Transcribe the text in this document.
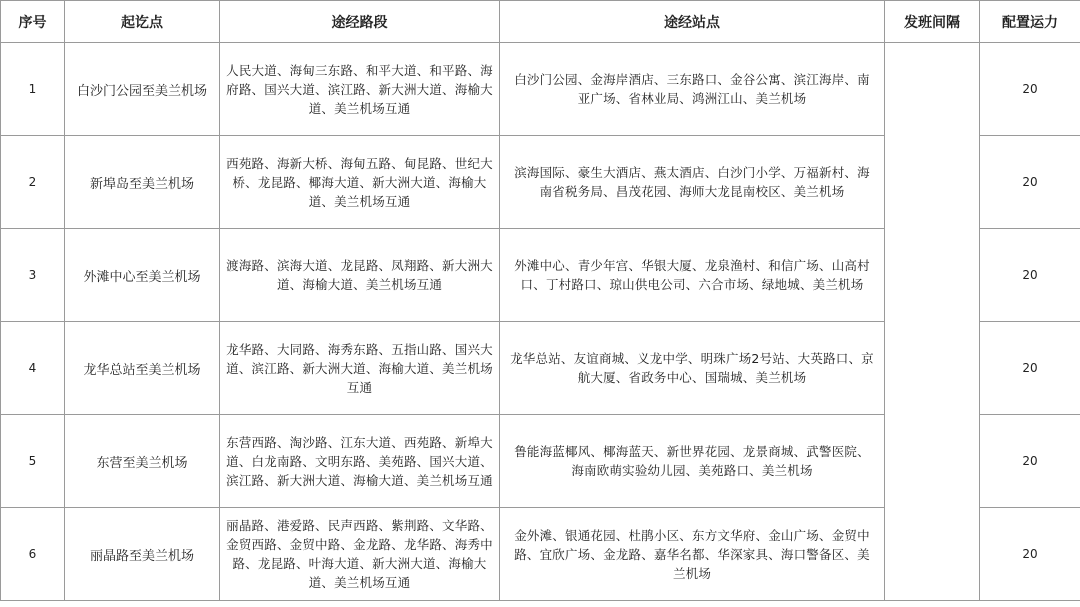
序号	起讫点	途经路段	途经站点	发班间隔	配置运力
1	白沙门公园至美兰机场	人民大道、海甸三东路、和平大道、和平路、海府路、国兴大道、滨江路、新大洲大道、海榆大道、美兰机场互通	白沙门公园、金海岸酒店、三东路口、金谷公寓、滨江海岸、南亚广场、省林业局、鸿洲江山、美兰机场		20
2	新埠岛至美兰机场	西苑路、海新大桥、海甸五路、甸昆路、世纪大桥、龙昆路、椰海大道、新大洲大道、海榆大道、美兰机场互通	滨海国际、豪生大酒店、燕太酒店、白沙门小学、万福新村、海南省税务局、昌茂花园、海师大龙昆南校区、美兰机场		20
3	外滩中心至美兰机场	渡海路、滨海大道、龙昆路、凤翔路、新大洲大道、海榆大道、美兰机场互通	外滩中心、青少年宫、华银大厦、龙泉渔村、和信广场、山高村口、丁村路口、琼山供电公司、六合市场、绿地城、美兰机场		20
4	龙华总站至美兰机场	龙华路、大同路、海秀东路、五指山路、国兴大道、滨江路、新大洲大道、海榆大道、美兰机场互通	龙华总站、友谊商城、义龙中学、明珠广场2号站、大英路口、京航大厦、省政务中心、国瑞城、美兰机场		20
5	东营至美兰机场	东营西路、淘沙路、江东大道、西苑路、新埠大道、白龙南路、文明东路、美苑路、国兴大道、滨江路、新大洲大道、海榆大道、美兰机场互通	鲁能海蓝椰风、椰海蓝天、新世界花园、龙景商城、武警医院、海南欧萌实验幼儿园、美苑路口、美兰机场		20
6	丽晶路至美兰机场	丽晶路、港爱路、民声西路、紫荆路、文华路、金贸西路、金贸中路、金龙路、龙华路、海秀中路、龙昆路、叶海大道、新大洲大道、海榆大道、美兰机场互通	金外滩、银通花园、杜鹃小区、东方文华府、金山广场、金贸中路、宜欣广场、金龙路、嘉华名都、华深家具、海口警备区、美兰机场		20
